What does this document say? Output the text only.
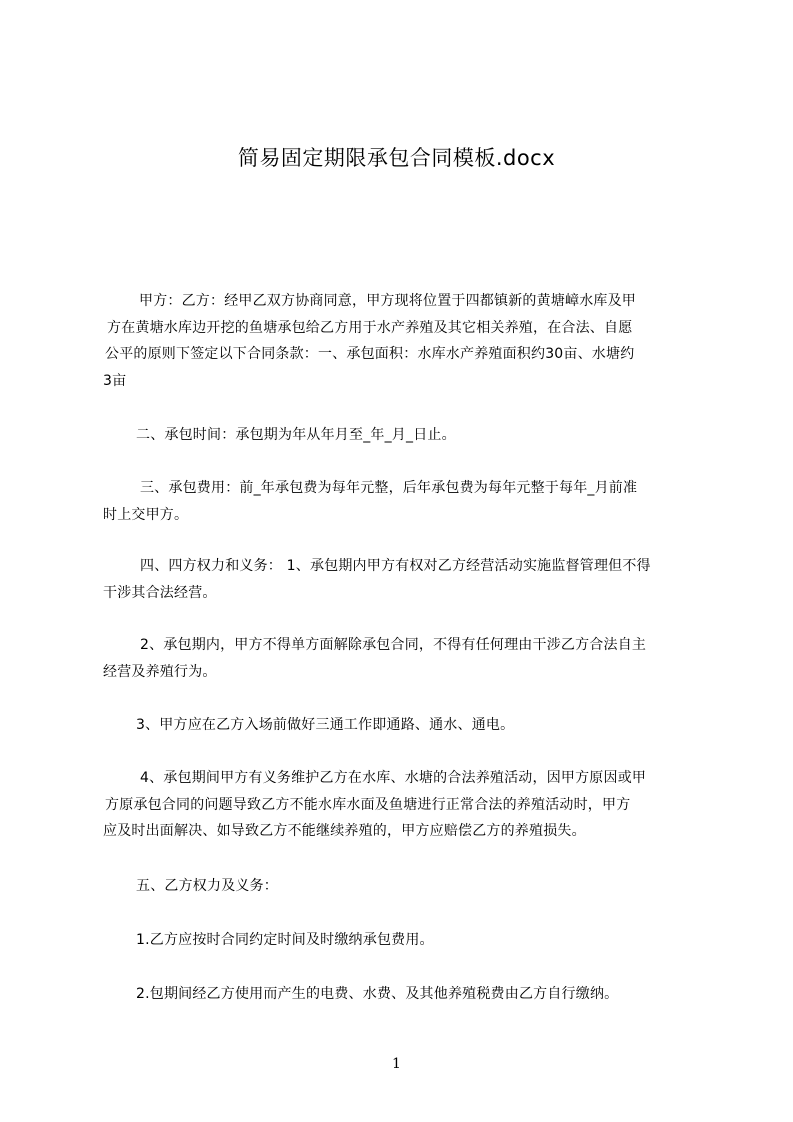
简易固定期限承包合同模板.docx
甲方：乙方：经甲乙双方协商同意，甲方现将位置于四都镇新的黄塘嶂水库及甲
方在黄塘水库边开挖的鱼塘承包给乙方用于水产养殖及其它相关养殖，在合法、自愿
公平的原则下签定以下合同条款：一、承包面积：水库水产养殖面积约30亩、水塘约
3亩
二、承包时间：承包期为年从年月至_年_月_日止。
三、承包费用：前_年承包费为每年元整，后年承包费为每年元整于每年_月前准
时上交甲方。
四、四方权力和义务： 1、承包期内甲方有权对乙方经营活动实施监督管理但不得
干涉其合法经营。
2、承包期内，甲方不得单方面解除承包合同，不得有任何理由干涉乙方合法自主
经营及养殖行为。
3、甲方应在乙方入场前做好三通工作即通路、通水、通电。
4、承包期间甲方有义务维护乙方在水库、水塘的合法养殖活动，因甲方原因或甲
方原承包合同的问题导致乙方不能水库水面及鱼塘进行正常合法的养殖活动时，甲方
应及时出面解决、如导致乙方不能继续养殖的，甲方应赔偿乙方的养殖损失。
五、乙方权力及义务：
1.乙方应按时合同约定时间及时缴纳承包费用。
2.包期间经乙方使用而产生的电费、水费、及其他养殖税费由乙方自行缴纳。
1
